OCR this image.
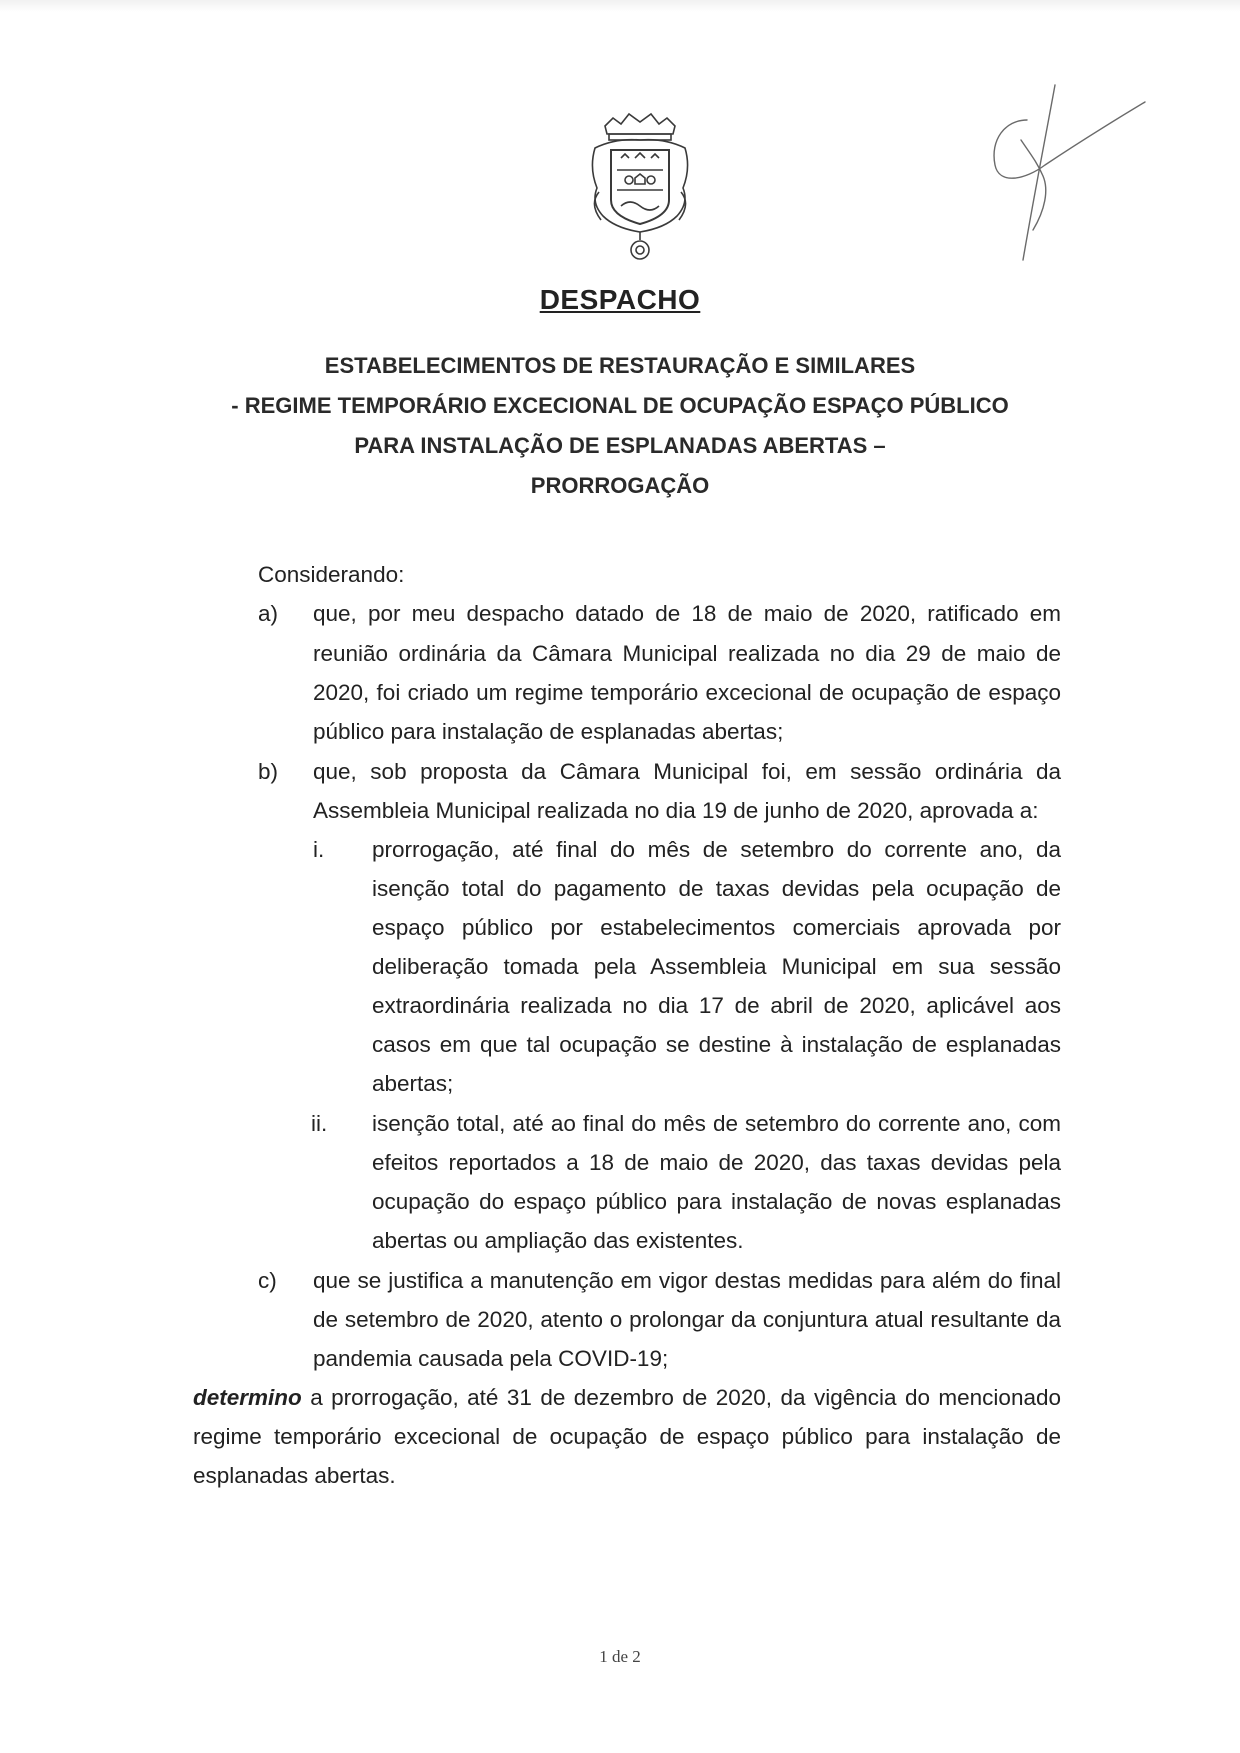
DESPACHO
ESTABELECIMENTOS DE RESTAURAÇÃO E SIMILARES
- REGIME TEMPORÁRIO EXCECIONAL DE OCUPAÇÃO ESPAÇO PÚBLICO
PARA INSTALAÇÃO DE ESPLANADAS ABERTAS –
PRORROGAÇÃO
Considerando:
a) que, por meu despacho datado de 18 de maio de 2020, ratificado em
reunião ordinária da Câmara Municipal realizada no dia 29 de maio de
2020, foi criado um regime temporário excecional de ocupação de espaço
público para instalação de esplanadas abertas;
b) que, sob proposta da Câmara Municipal foi, em sessão ordinária da
Assembleia Municipal realizada no dia 19 de junho de 2020, aprovada a:
i. prorrogação, até final do mês de setembro do corrente ano, da
isenção total do pagamento de taxas devidas pela ocupação de
espaço público por estabelecimentos comerciais aprovada por
deliberação tomada pela Assembleia Municipal em sua sessão
extraordinária realizada no dia 17 de abril de 2020, aplicável aos
casos em que tal ocupação se destine à instalação de esplanadas
abertas;
ii. isenção total, até ao final do mês de setembro do corrente ano, com
efeitos reportados a 18 de maio de 2020, das taxas devidas pela
ocupação do espaço público para instalação de novas esplanadas
abertas ou ampliação das existentes.
c) que se justifica a manutenção em vigor destas medidas para além do final
de setembro de 2020, atento o prolongar da conjuntura atual resultante da
pandemia causada pela COVID-19;
determino a prorrogação, até 31 de dezembro de 2020, da vigência do mencionado
regime temporário excecional de ocupação de espaço público para instalação de
esplanadas abertas.
1 de 2
